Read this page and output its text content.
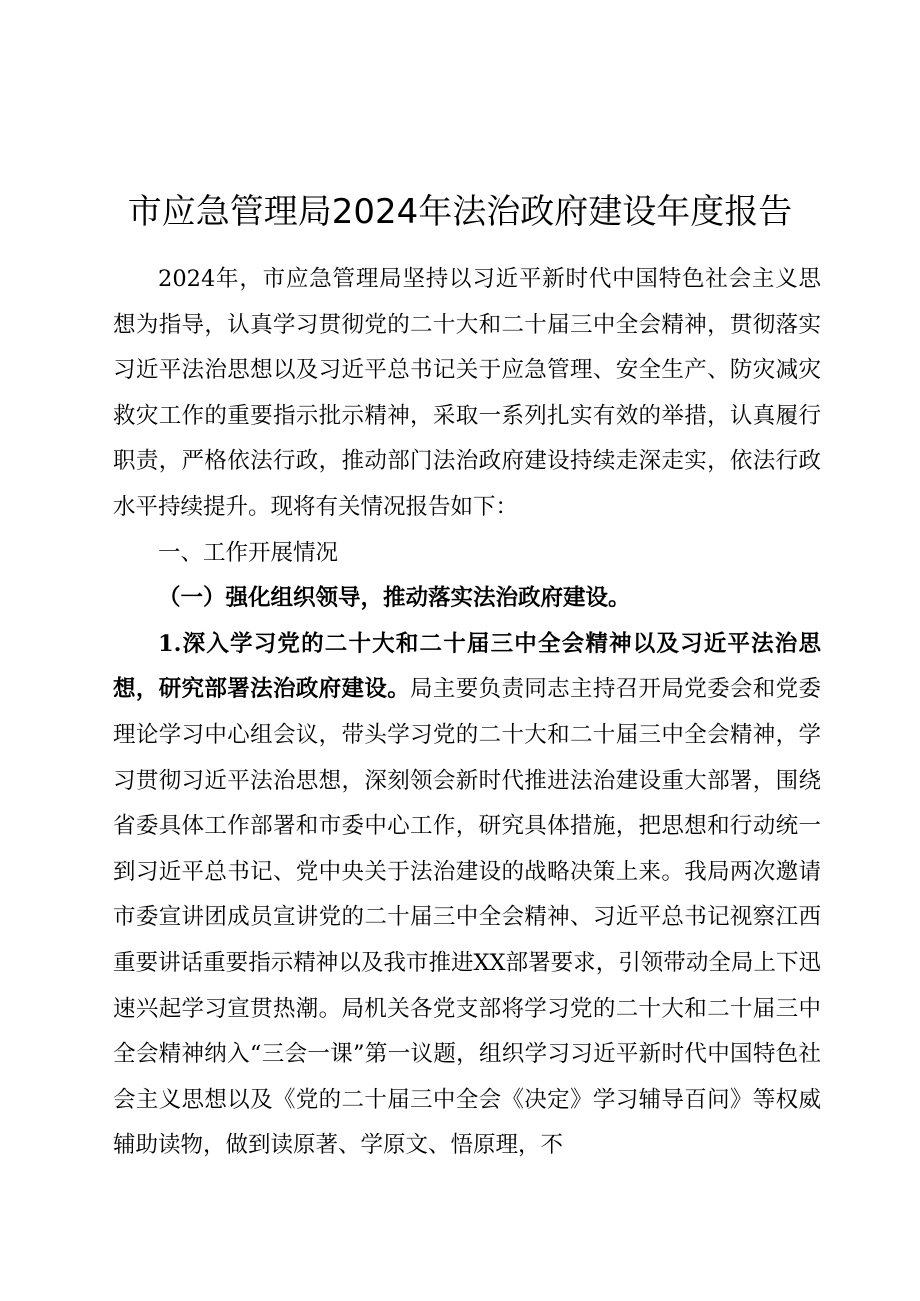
市应急管理局2024年法治政府建设年度报告

2024年，市应急管理局坚持以习近平新时代中国特色社会主义思想为指导，认真学习贯彻党的二十大和二十届三中全会精神，贯彻落实习近平法治思想以及习近平总书记关于应急管理、安全生产、防灾减灾救灾工作的重要指示批示精神，采取一系列扎实有效的举措，认真履行职责，严格依法行政，推动部门法治政府建设持续走深走实，依法行政水平持续提升。现将有关情况报告如下：

一、工作开展情况

（一）强化组织领导，推动落实法治政府建设。

1.深入学习党的二十大和二十届三中全会精神以及习近平法治思想，研究部署法治政府建设。局主要负责同志主持召开局党委会和党委理论学习中心组会议，带头学习党的二十大和二十届三中全会精神，学习贯彻习近平法治思想，深刻领会新时代推进法治建设重大部署，围绕省委具体工作部署和市委中心工作，研究具体措施，把思想和行动统一到习近平总书记、党中央关于法治建设的战略决策上来。我局两次邀请市委宣讲团成员宣讲党的二十届三中全会精神、习近平总书记视察江西重要讲话重要指示精神以及我市推进XX部署要求，引领带动全局上下迅速兴起学习宣贯热潮。局机关各党支部将学习党的二十大和二十届三中全会精神纳入“三会一课”第一议题，组织学习习近平新时代中国特色社会主义思想以及《党的二十届三中全会《决定》学习辅导百问》等权威辅助读物，做到读原著、学原文、悟原理，不
